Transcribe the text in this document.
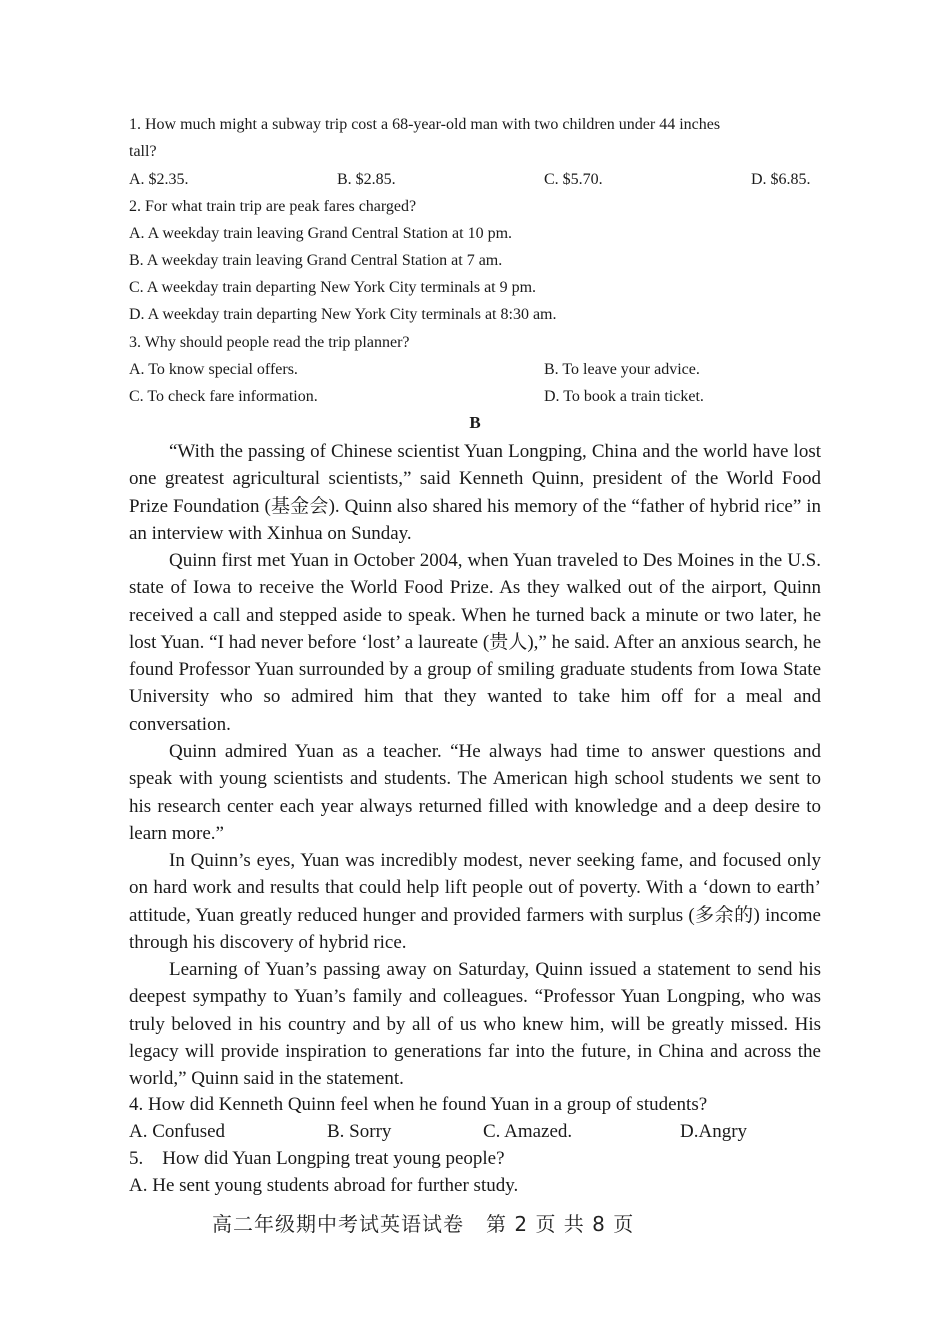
1. How much might a subway trip cost a 68-year-old man with two children under 44 inches
tall?
A. $2.35.	B. $2.85.	C. $5.70.	D. $6.85.
2. For what train trip are peak fares charged?
A. A weekday train leaving Grand Central Station at 10 pm.
B. A weekday train leaving Grand Central Station at 7 am.
C. A weekday train departing New York City terminals at 9 pm.
D. A weekday train departing New York City terminals at 8:30 am.
3. Why should people read the trip planner?
A. To know special offers.	B. To leave your advice.
C. To check fare information.	D. To book a train ticket.
B
“With the passing of Chinese scientist Yuan Longping, China and the world have lost one greatest agricultural scientists,” said Kenneth Quinn, president of the World Food Prize Foundation (基金会). Quinn also shared his memory of the “father of hybrid rice” in an interview with Xinhua on Sunday.
Quinn first met Yuan in October 2004, when Yuan traveled to Des Moines in the U.S. state of Iowa to receive the World Food Prize. As they walked out of the airport, Quinn received a call and stepped aside to speak. When he turned back a minute or two later, he lost Yuan. “I had never before ‘lost’ a laureate (贵人),” he said. After an anxious search, he found Professor Yuan surrounded by a group of smiling graduate students from Iowa State University who so admired him that they wanted to take him off for a meal and conversation.
Quinn admired Yuan as a teacher. “He always had time to answer questions and speak with young scientists and students. The American high school students we sent to his research center each year always returned filled with knowledge and a deep desire to learn more.”
In Quinn’s eyes, Yuan was incredibly modest, never seeking fame, and focused only on hard work and results that could help lift people out of poverty. With a ‘down to earth’ attitude, Yuan greatly reduced hunger and provided farmers with surplus (多余的) income through his discovery of hybrid rice.
Learning of Yuan’s passing away on Saturday, Quinn issued a statement to send his deepest sympathy to Yuan’s family and colleagues. “Professor Yuan Longping, who was truly beloved in his country and by all of us who knew him, will be greatly missed. His legacy will provide inspiration to generations far into the future, in China and across the world,” Quinn said in the statement.
4. How did Kenneth Quinn feel when he found Yuan in a group of students?
A. Confused	B. Sorry	C. Amazed.	D.Angry
5.    How did Yuan Longping treat young people?
A. He sent young students abroad for further study.
高二年级期中考试英语试卷 第 2 页 共 8 页
